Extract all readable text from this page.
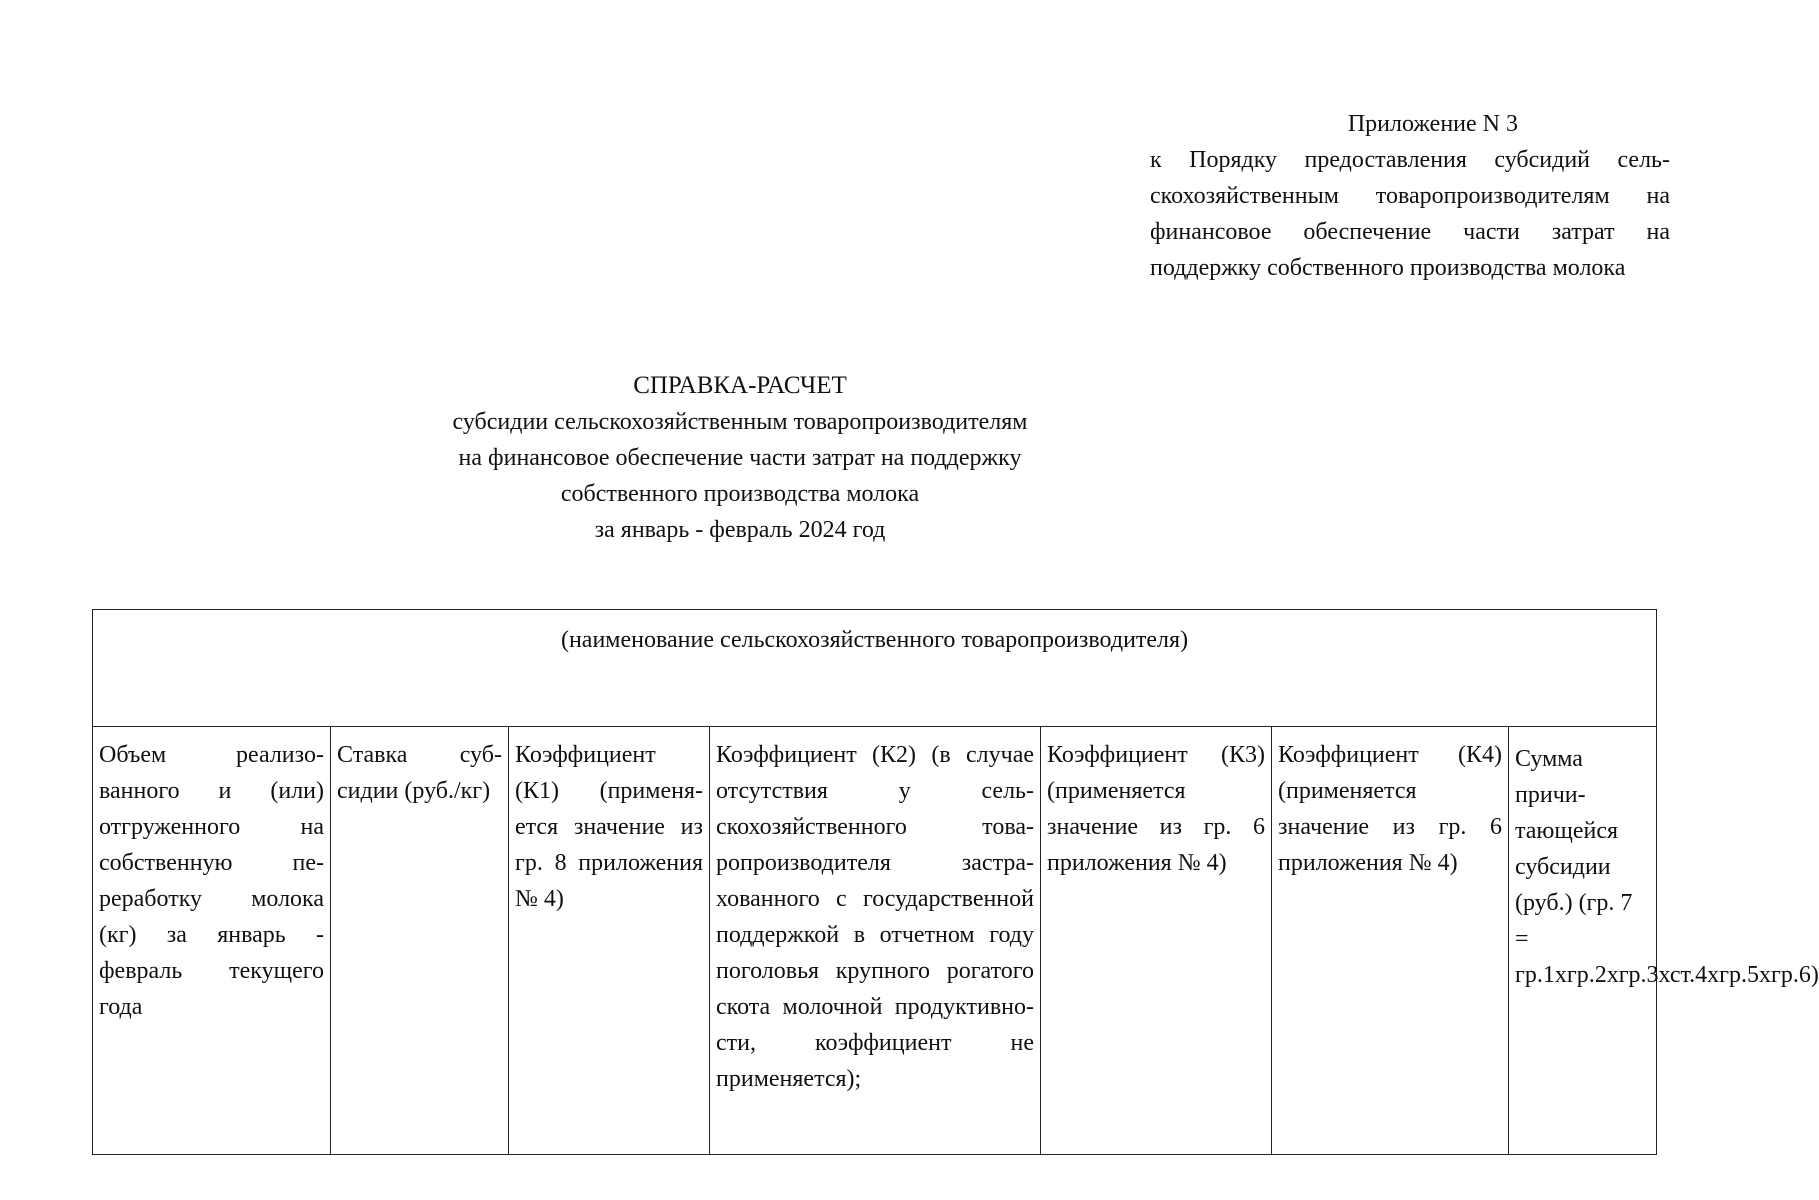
Приложение N 3
к Порядку предоставления субсидий сельскохозяйственным товаропроизводителям на финансовое обеспечение части затрат на поддержку собственного производства молока
СПРАВКА-РАСЧЕТ
субсидии сельскохозяйственным товаропроизводителям
на финансовое обеспечение части затрат на поддержку
собственного производства молока
за январь - февраль 2024 год
(наименование сельскохозяйственного товаропроизводителя)
Объем реализованного и (или) отгруженного на собственную переработку молока (кг) за январь - февраль текущего года	Ставка субсидии (руб./кг)	Коэффициент (К1) (применяется значение из гр. 8 приложения № 4)	Коэффициент (К2) (в случае отсутствия у сельскохозяйственного товаропроизводителя застрахованного с государственной поддержкой в отчетном году поголовья крупного рогатого скота молочной продуктивности, коэффициент не применяется);	Коэффициент (К3) (применяется значение из гр. 6 приложения № 4)	Коэффициент (К4) (применяется значение из гр. 6 приложения № 4)	Сумма причитающейся субсидии (руб.) (гр. 7 = гр.1хгр.2хгр.3хст.4хгр.5хгр.6)
